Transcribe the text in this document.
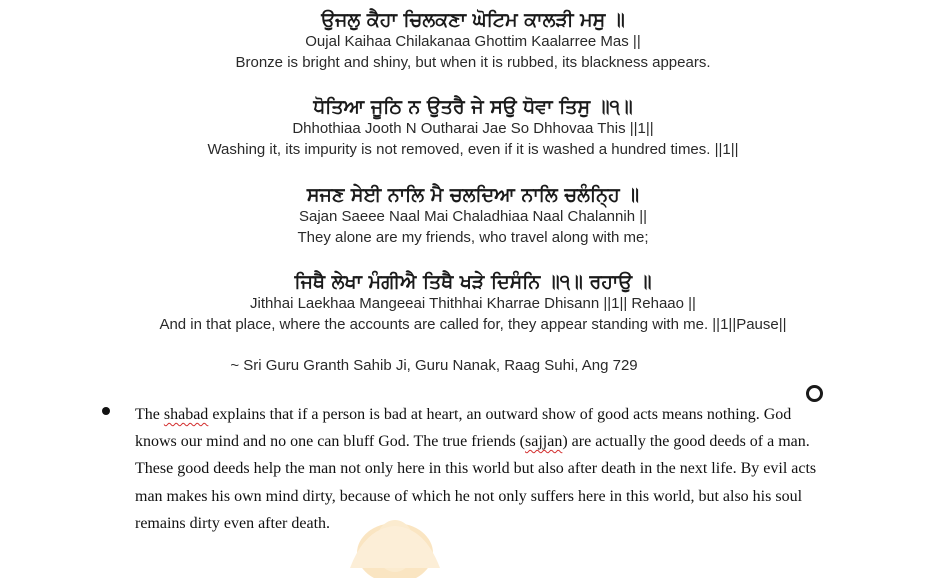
ਉਜਲੁ ਕੈਹਾ ਚਿਲਕਣਾ ਘੋਟਿਮ ਕਾਲੜੀ ਮਸੁ ॥
Oujal Kaihaa Chilakanaa Ghottim Kaalarree Mas ||
Bronze is bright and shiny, but when it is rubbed, its blackness appears.
ਧੋਤਿਆ ਜੂਠਿ ਨ ਉਤਰੈ ਜੇ ਸਉ ਧੋਵਾ ਤਿਸੁ ॥੧॥
Dhhothiaa Jooth N Outharai Jae So Dhhovaa This ||1||
Washing it, its impurity is not removed, even if it is washed a hundred times. ||1||
ਸਜਣ ਸੇਈ ਨਾਲਿ ਮੈ ਚਲਦਿਆ ਨਾਲਿ ਚਲੰਨ੍ਹਿ ॥
Sajan Saeee Naal Mai Chaladhiaa Naal Chalannih ||
They alone are my friends, who travel along with me;
ਜਿਥੈ ਲੇਖਾ ਮੰਗੀਐ ਤਿਥੈ ਖੜੇ ਦਿਸੰਨਿ ॥੧॥ ਰਹਾਉ ॥
Jithhai Laekhaa Mangeeai Thithhai Kharrae Dhisann ||1|| Rehaao ||
And in that place, where the accounts are called for, they appear standing with me. ||1||Pause||
~ Sri Guru Granth Sahib Ji, Guru Nanak, Raag Suhi, Ang 729
The shabad explains that if a person is bad at heart, an outward show of good acts means nothing. God
knows our mind and no one can bluff God. The true friends (sajjan) are actually the good deeds of a man.
These good deeds help the man not only here in this world but also after death in the next life. By evil acts
man makes his own mind dirty, because of which he not only suffers here in this world, but also his soul
remains dirty even after death.
